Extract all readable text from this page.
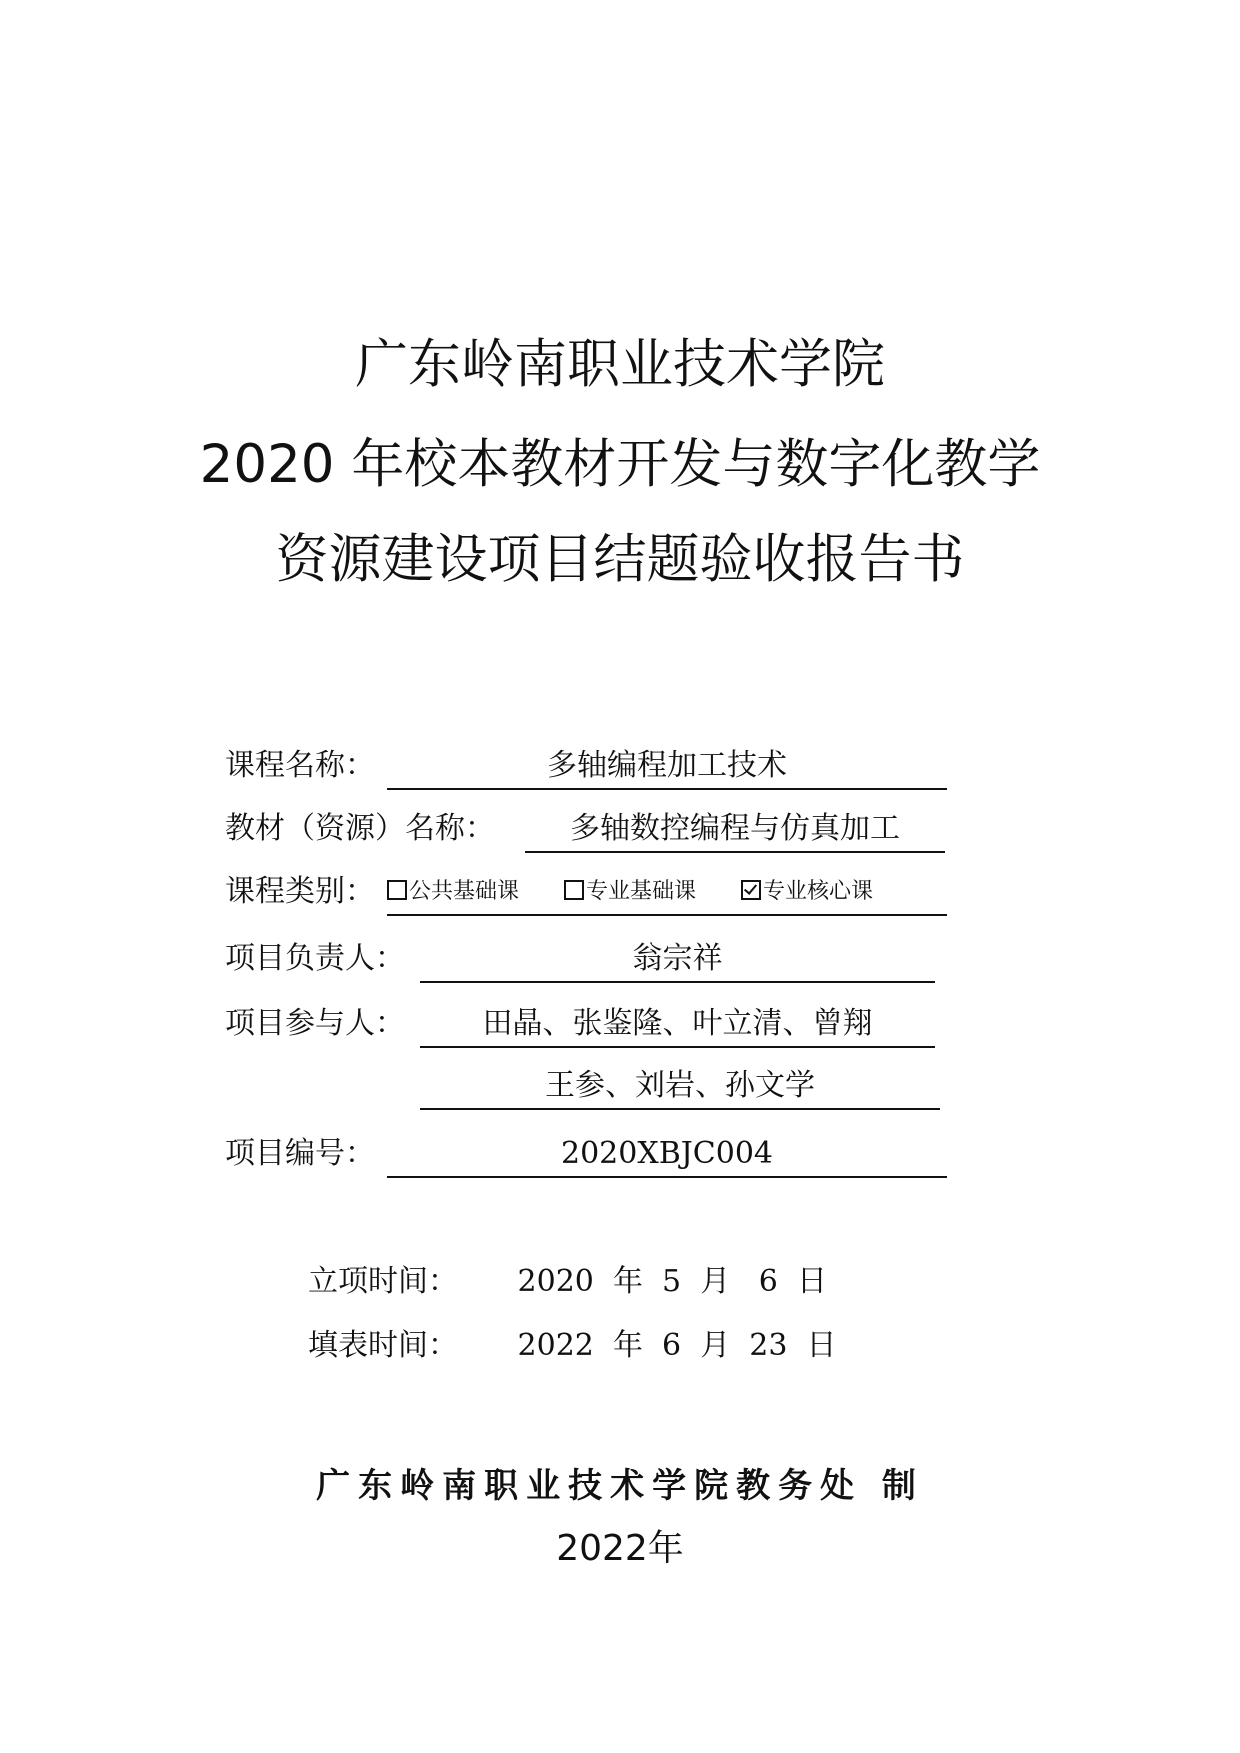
广东岭南职业技术学院
2020 年校本教材开发与数字化教学
资源建设项目结题验收报告书
课程名称：	多轴编程加工技术
教材（资源）名称：	多轴数控编程与仿真加工
课程类别：	公共基础课	专业基础课	专业核心课
项目负责人：	翁宗祥
项目参与人：	田晶、张鉴隆、叶立清、曾翔
王参、刘岩、孙文学
项目编号：	2020XBJC004
立项时间： 2020  年  5  月   6  日
填表时间： 2022  年  6  月  23  日
广东岭南职业技术学院教务处 制
2022年
